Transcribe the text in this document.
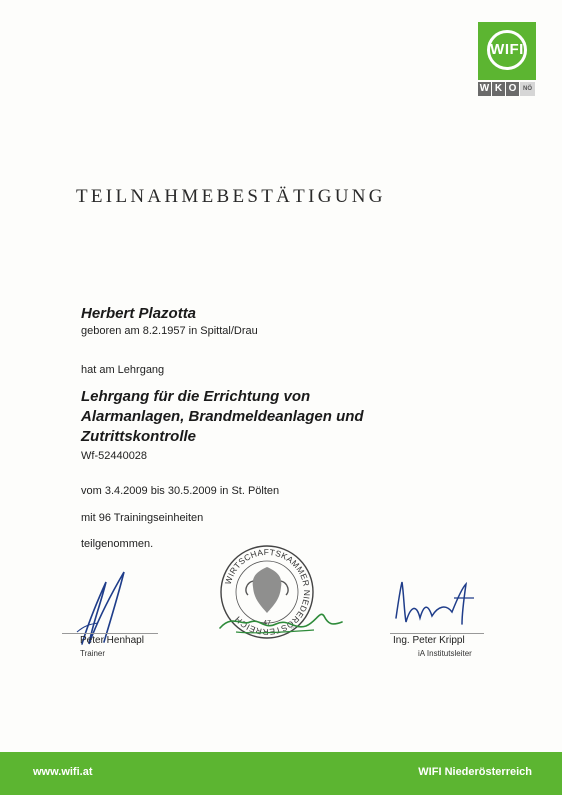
WIFI
W K O	NÖ
TEILNAHMEBESTÄTIGUNG
Herbert Plazotta
geboren am 8.2.1957 in Spittal/Drau
hat am Lehrgang
Lehrgang für die Errichtung von
Alarmanlagen, Brandmeldeanlagen und
Zutrittskontrolle
Wf-52440028
vom 3.4.2009 bis 30.5.2009 in St. Pölten
mit 96 Trainingseinheiten
teilgenommen.
Peter Henhapl
Trainer
WIRTSCHAFTSKAMMER NIEDERÖSTERREICH	47
Ing. Peter Krippl
iA Institutsleiter
www.wifi.at	WIFI Niederösterreich
